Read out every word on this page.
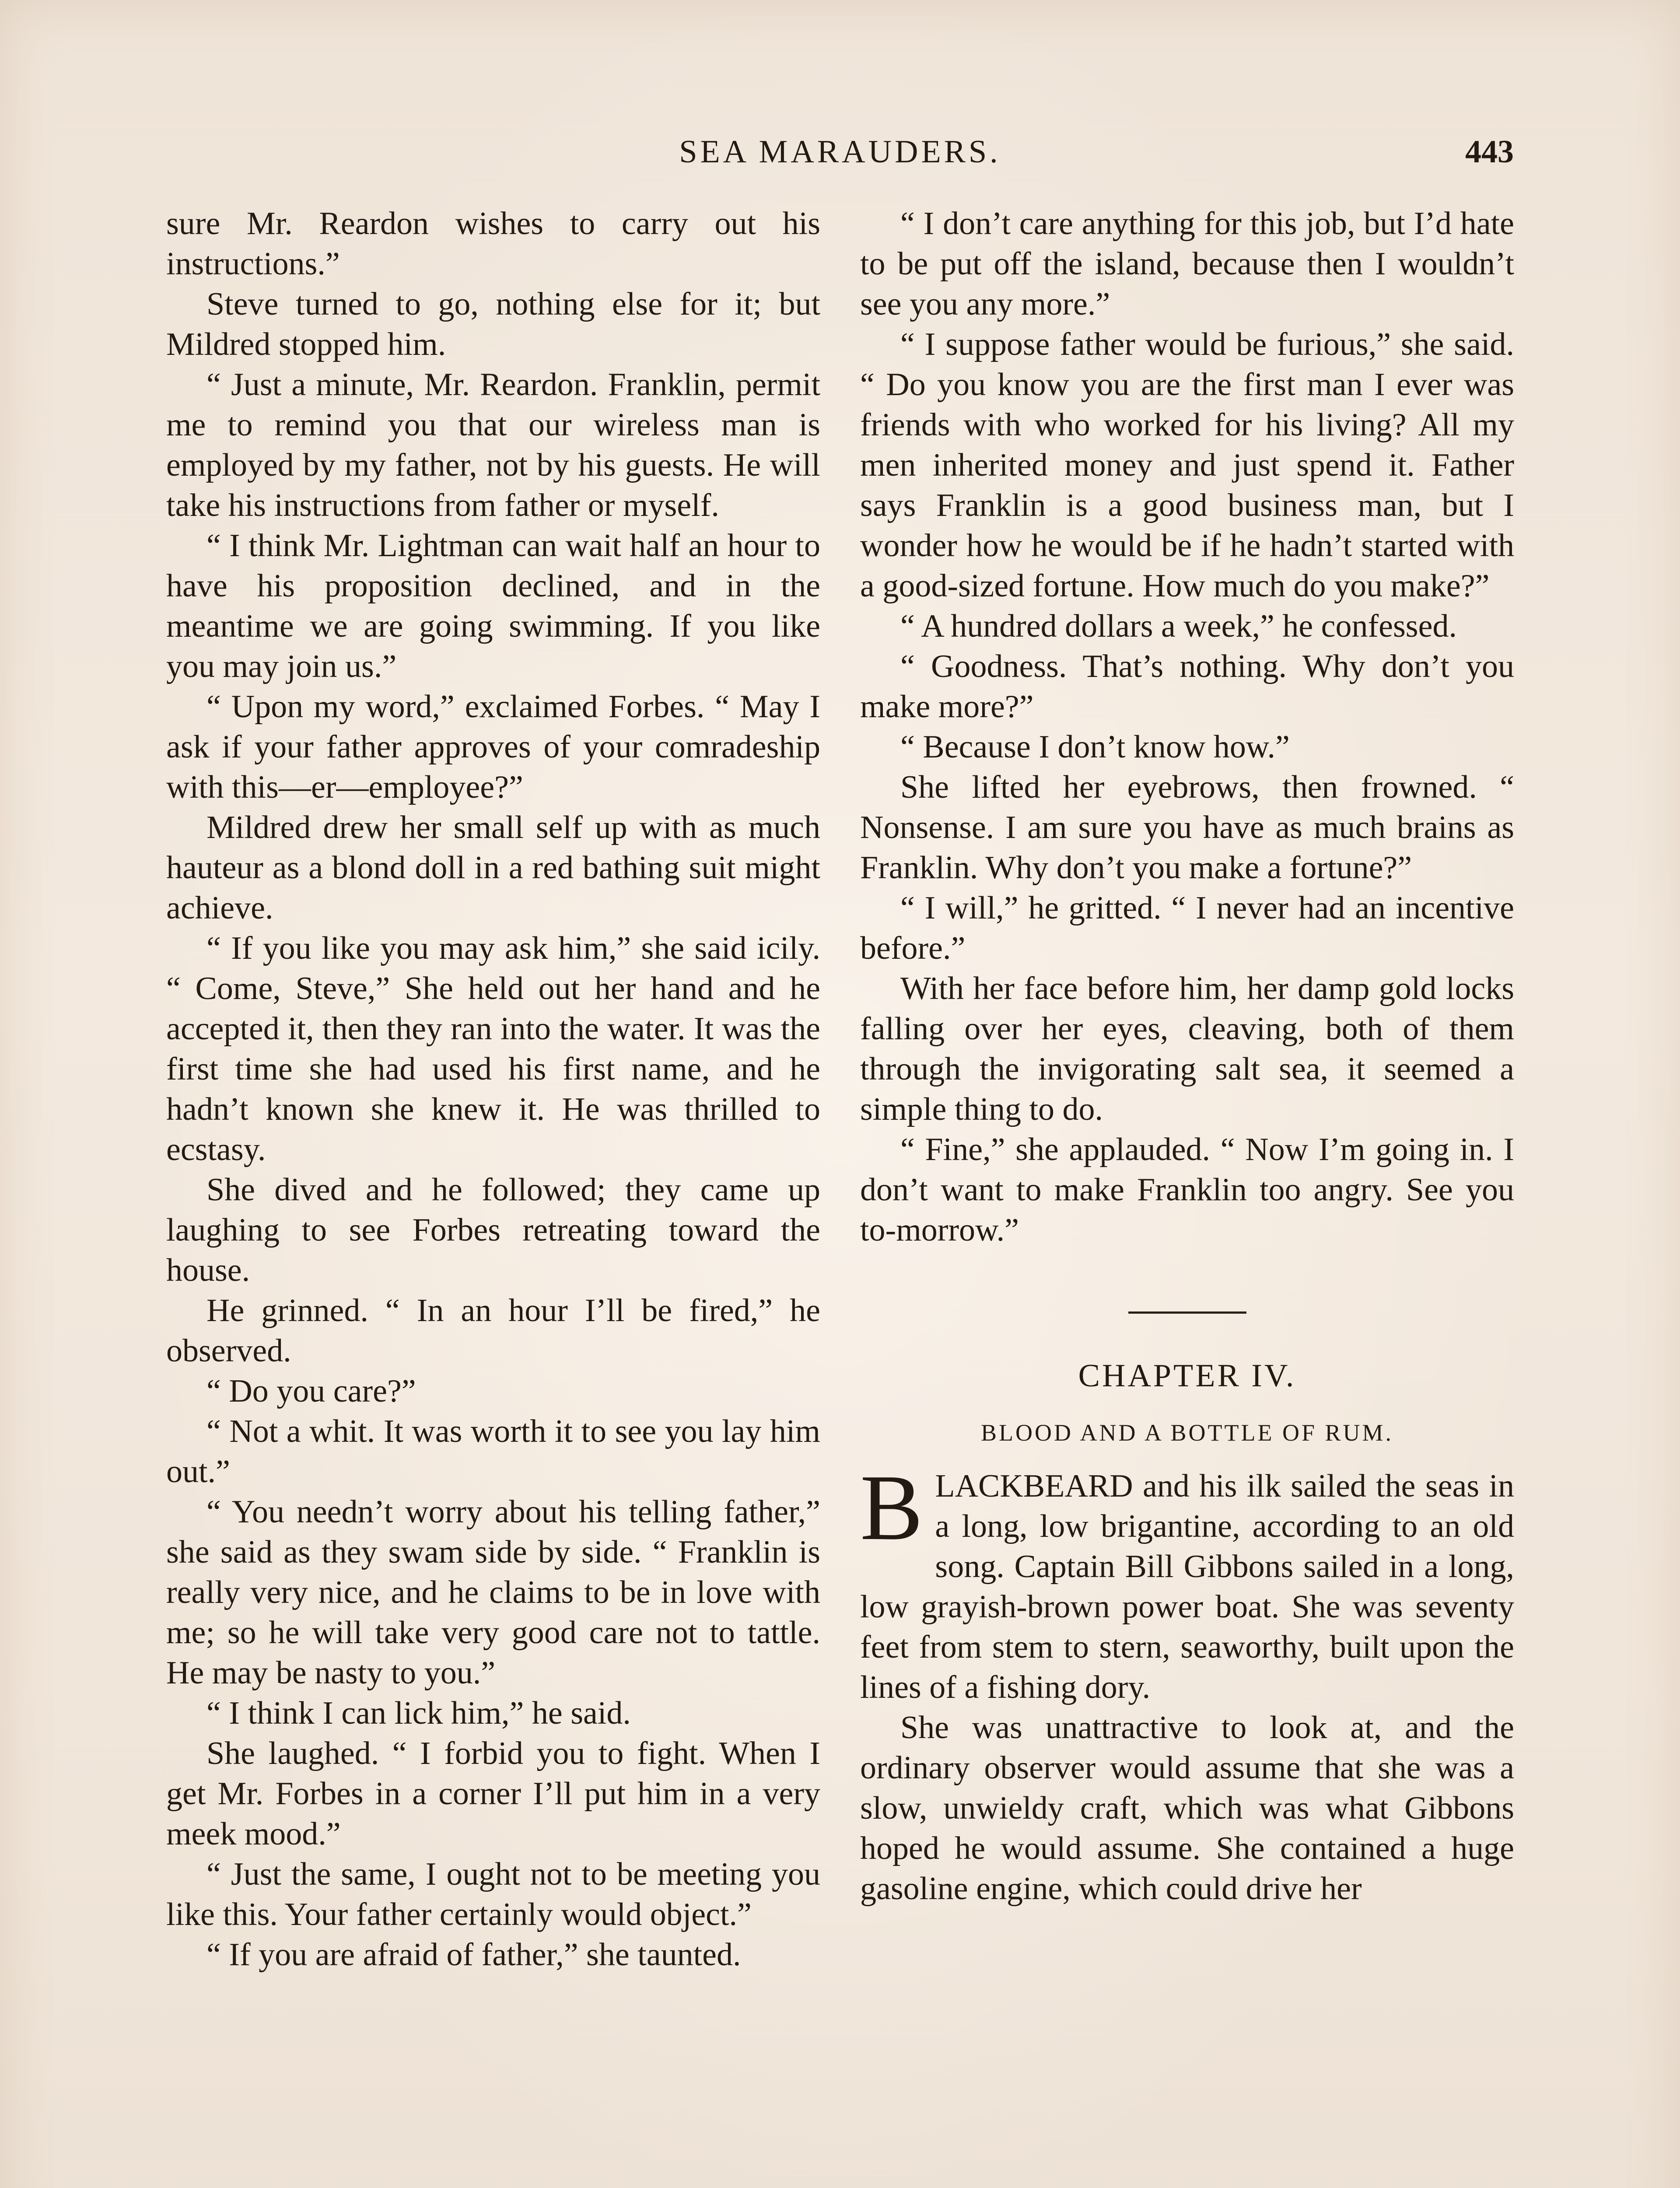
SEA MARAUDERS.	443

sure Mr. Reardon wishes to carry out his instructions.”

Steve turned to go, nothing else for it; but Mildred stopped him.

“ Just a minute, Mr. Reardon. Franklin, permit me to remind you that our wireless man is employed by my father, not by his guests. He will take his instructions from father or myself.

“ I think Mr. Lightman can wait half an hour to have his proposition declined, and in the meantime we are going swimming. If you like you may join us.”

“ Upon my word,” exclaimed Forbes. “ May I ask if your father approves of your comradeship with this—er—employee?”

Mildred drew her small self up with as much hauteur as a blond doll in a red bathing suit might achieve.

“ If you like you may ask him,” she said icily. “ Come, Steve,” She held out her hand and he accepted it, then they ran into the water. It was the first time she had used his first name, and he hadn’t known she knew it. He was thrilled to ecstasy.

She dived and he followed; they came up laughing to see Forbes retreating toward the house.

He grinned. “ In an hour I’ll be fired,” he observed.

“ Do you care?”

“ Not a whit. It was worth it to see you lay him out.”

“ You needn’t worry about his telling father,” she said as they swam side by side. “ Franklin is really very nice, and he claims to be in love with me; so he will take very good care not to tattle. He may be nasty to you.”

“ I think I can lick him,” he said.

She laughed. “ I forbid you to fight. When I get Mr. Forbes in a corner I’ll put him in a very meek mood.”

“ Just the same, I ought not to be meeting you like this. Your father certainly would object.”

“ If you are afraid of father,” she taunted.

“ I don’t care anything for this job, but I’d hate to be put off the island, because then I wouldn’t see you any more.”

“ I suppose father would be furious,” she said. “ Do you know you are the first man I ever was friends with who worked for his living? All my men inherited money and just spend it. Father says Franklin is a good business man, but I wonder how he would be if he hadn’t started with a good-sized fortune. How much do you make?”

“ A hundred dollars a week,” he confessed.

“ Goodness. That’s nothing. Why don’t you make more?”

“ Because I don’t know how.”

She lifted her eyebrows, then frowned. “ Nonsense. I am sure you have as much brains as Franklin. Why don’t you make a fortune?”

“ I will,” he gritted. “ I never had an incentive before.”

With her face before him, her damp gold locks falling over her eyes, cleaving, both of them through the invigorating salt sea, it seemed a simple thing to do.

“ Fine,” she applauded. “ Now I’m going in. I don’t want to make Franklin too angry. See you to-morrow.”

CHAPTER IV.
BLOOD AND A BOTTLE OF RUM.

BLACKBEARD and his ilk sailed the seas in a long, low brigantine, according to an old song. Captain Bill Gibbons sailed in a long, low grayish-brown power boat. She was seventy feet from stem to stern, seaworthy, built upon the lines of a fishing dory.

She was unattractive to look at, and the ordinary observer would assume that she was a slow, unwieldy craft, which was what Gibbons hoped he would assume. She contained a huge gasoline engine, which could drive her
